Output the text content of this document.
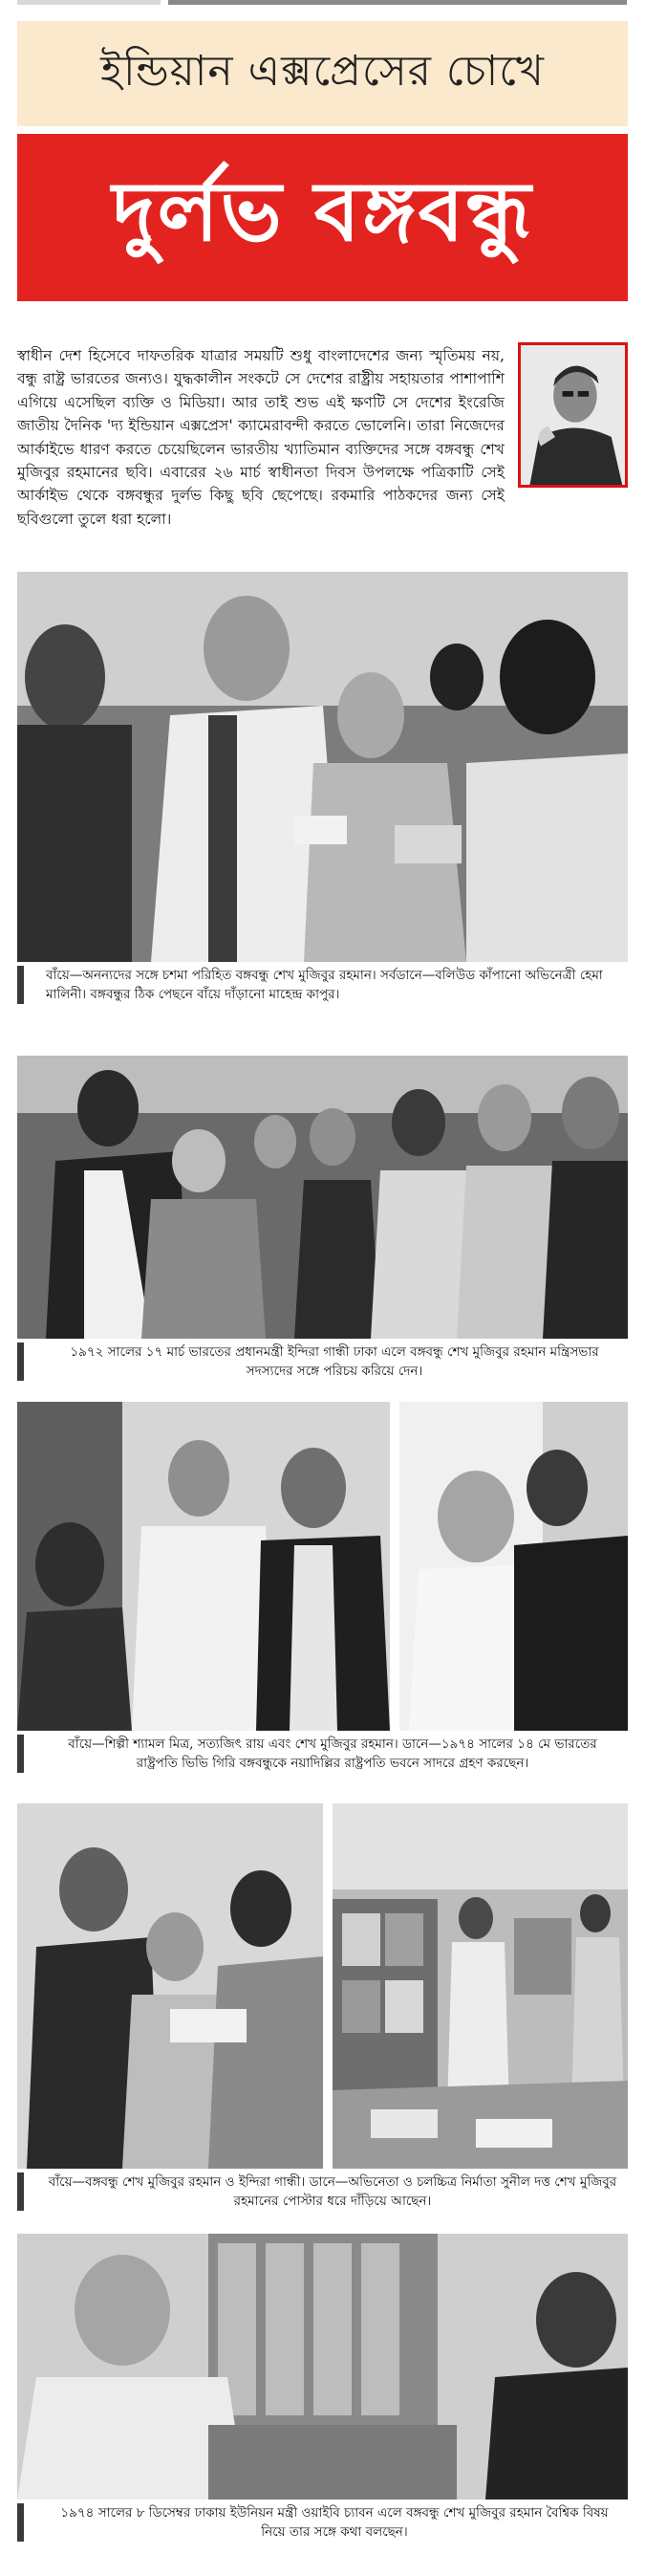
ইন্ডিয়ান এক্সপ্রেসের চোখে
দুর্লভ বঙ্গবন্ধু

স্বাধীন দেশ হিসেবে দাফতরিক যাত্রার সময়টি শুধু বাংলাদেশের জন্য স্মৃতিময় নয়, বন্ধু রাষ্ট্র ভারতের জন্যও। যুদ্ধকালীন সংকটে সে দেশের রাষ্ট্রীয় সহায়তার পাশাপাশি এগিয়ে এসেছিল ব্যক্তি ও মিডিয়া। আর তাই শুভ এই ক্ষণটি সে দেশের ইংরেজি জাতীয় দৈনিক 'দ্য ইন্ডিয়ান এক্সপ্রেস' ক্যামেরাবন্দী করতে ভোলেনি। তারা নিজেদের আর্কাইভে ধারণ করতে চেয়েছিলেন ভারতীয় খ্যাতিমান ব্যক্তিদের সঙ্গে বঙ্গবন্ধু শেখ মুজিবুর রহমানের ছবি। এবারের ২৬ মার্চ স্বাধীনতা দিবস উপলক্ষে পত্রিকাটি সেই আর্কাইভ থেকে বঙ্গবন্ধুর দুর্লভ কিছু ছবি ছেপেছে। রকমারি পাঠকদের জন্য সেই ছবিগুলো তুলে ধরা হলো।

বাঁয়ে—অনন্যদের সঙ্গে চশমা পরিহিত বঙ্গবন্ধু শেখ মুজিবুর রহমান। সর্বডানে—বলিউড কাঁপানো অভিনেত্রী হেমা মালিনী। বঙ্গবন্ধুর ঠিক পেছনে বাঁয়ে দাঁড়ানো মাহেন্দ্র কাপুর।
১৯৭২ সালের ১৭ মার্চ ভারতের প্রধানমন্ত্রী ইন্দিরা গান্ধী ঢাকা এলে বঙ্গবন্ধু শেখ মুজিবুর রহমান মন্ত্রিসভার সদস্যদের সঙ্গে পরিচয় করিয়ে দেন।
বাঁয়ে—শিল্পী শ্যামল মিত্র, সত্যজিৎ রায় এবং শেখ মুজিবুর রহমান। ডানে—১৯৭৪ সালের ১৪ মে ভারতের রাষ্ট্রপতি ভিভি গিরি বঙ্গবন্ধুকে নয়াদিল্লির রাষ্ট্রপতি ভবনে সাদরে গ্রহণ করছেন।
বাঁয়ে—বঙ্গবন্ধু শেখ মুজিবুর রহমান ও ইন্দিরা গান্ধী। ডানে—অভিনেতা ও চলচ্চিত্র নির্মাতা সুনীল দত্ত শেখ মুজিবুর রহমানের পোস্টার ধরে দাঁড়িয়ে আছেন।
১৯৭৪ সালের ৮ ডিসেম্বর ঢাকায় ইউনিয়ন মন্ত্রী ওয়াইবি চ্যাবন এলে বঙ্গবন্ধু শেখ মুজিবুর রহমান বৈশ্বিক বিষয় নিয়ে তার সঙ্গে কথা বলছেন।
